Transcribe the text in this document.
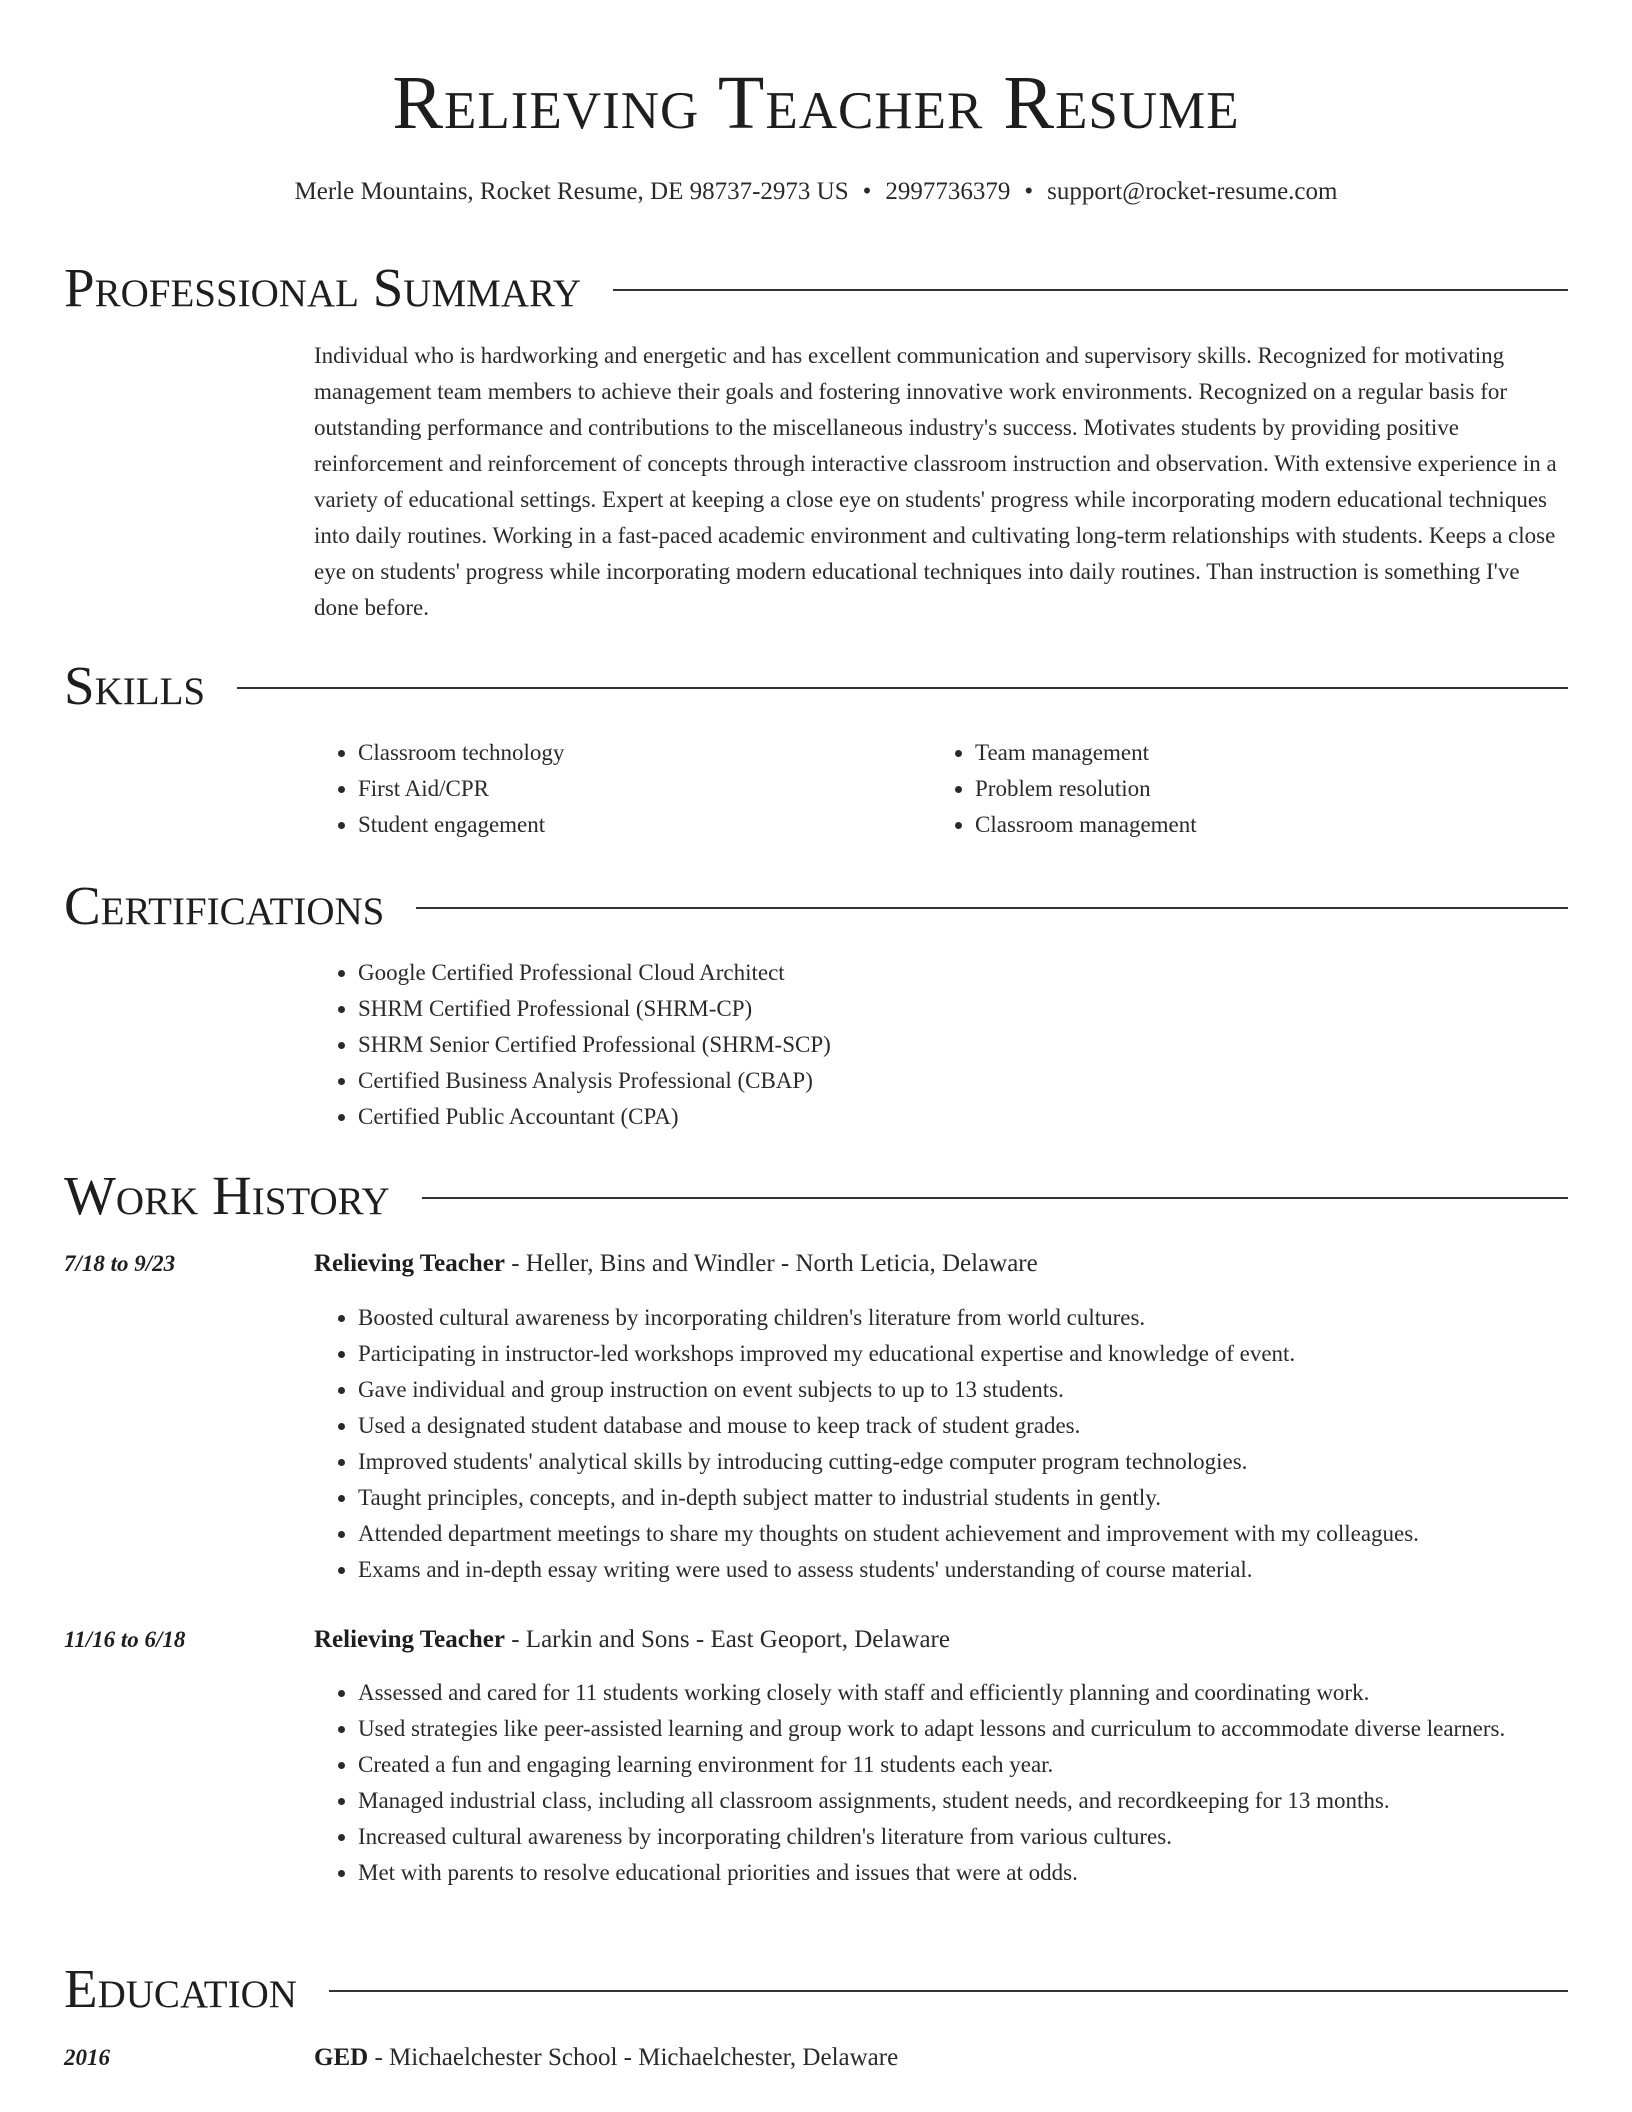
Relieving Teacher Resume
Merle Mountains, Rocket Resume, DE 98737-2973 US • 2997736379 • support@rocket-resume.com
Professional Summary

Individual who is hardworking and energetic and has excellent communication and supervisory skills. Recognized for motivating management team members to achieve their goals and fostering innovative work environments. Recognized on a regular basis for outstanding performance and contributions to the miscellaneous industry's success. Motivates students by providing positive reinforcement and reinforcement of concepts through interactive classroom instruction and observation. With extensive experience in a variety of educational settings. Expert at keeping a close eye on students' progress while incorporating modern educational techniques into daily routines. Working in a fast-paced academic environment and cultivating long-term relationships with students. Keeps a close eye on students' progress while incorporating modern educational techniques into daily routines. Than instruction is something I've done before.

Skills
• Classroom technology
• First Aid/CPR
• Student engagement
• Team management
• Problem resolution
• Classroom management
Certifications
• Google Certified Professional Cloud Architect
• SHRM Certified Professional (SHRM-CP)
• SHRM Senior Certified Professional (SHRM-SCP)
• Certified Business Analysis Professional (CBAP)
• Certified Public Accountant (CPA)
Work History
7/18 to 9/23	Relieving Teacher - Heller, Bins and Windler - North Leticia, Delaware
• Boosted cultural awareness by incorporating children's literature from world cultures.
• Participating in instructor-led workshops improved my educational expertise and knowledge of event.
• Gave individual and group instruction on event subjects to up to 13 students.
• Used a designated student database and mouse to keep track of student grades.
• Improved students' analytical skills by introducing cutting-edge computer program technologies.
• Taught principles, concepts, and in-depth subject matter to industrial students in gently.
• Attended department meetings to share my thoughts on student achievement and improvement with my colleagues.
• Exams and in-depth essay writing were used to assess students' understanding of course material.
11/16 to 6/18	Relieving Teacher - Larkin and Sons - East Geoport, Delaware
• Assessed and cared for 11 students working closely with staff and efficiently planning and coordinating work.
• Used strategies like peer-assisted learning and group work to adapt lessons and curriculum to accommodate diverse learners.
• Created a fun and engaging learning environment for 11 students each year.
• Managed industrial class, including all classroom assignments, student needs, and recordkeeping for 13 months.
• Increased cultural awareness by incorporating children's literature from various cultures.
• Met with parents to resolve educational priorities and issues that were at odds.
Education
2016	GED - Michaelchester School - Michaelchester, Delaware
